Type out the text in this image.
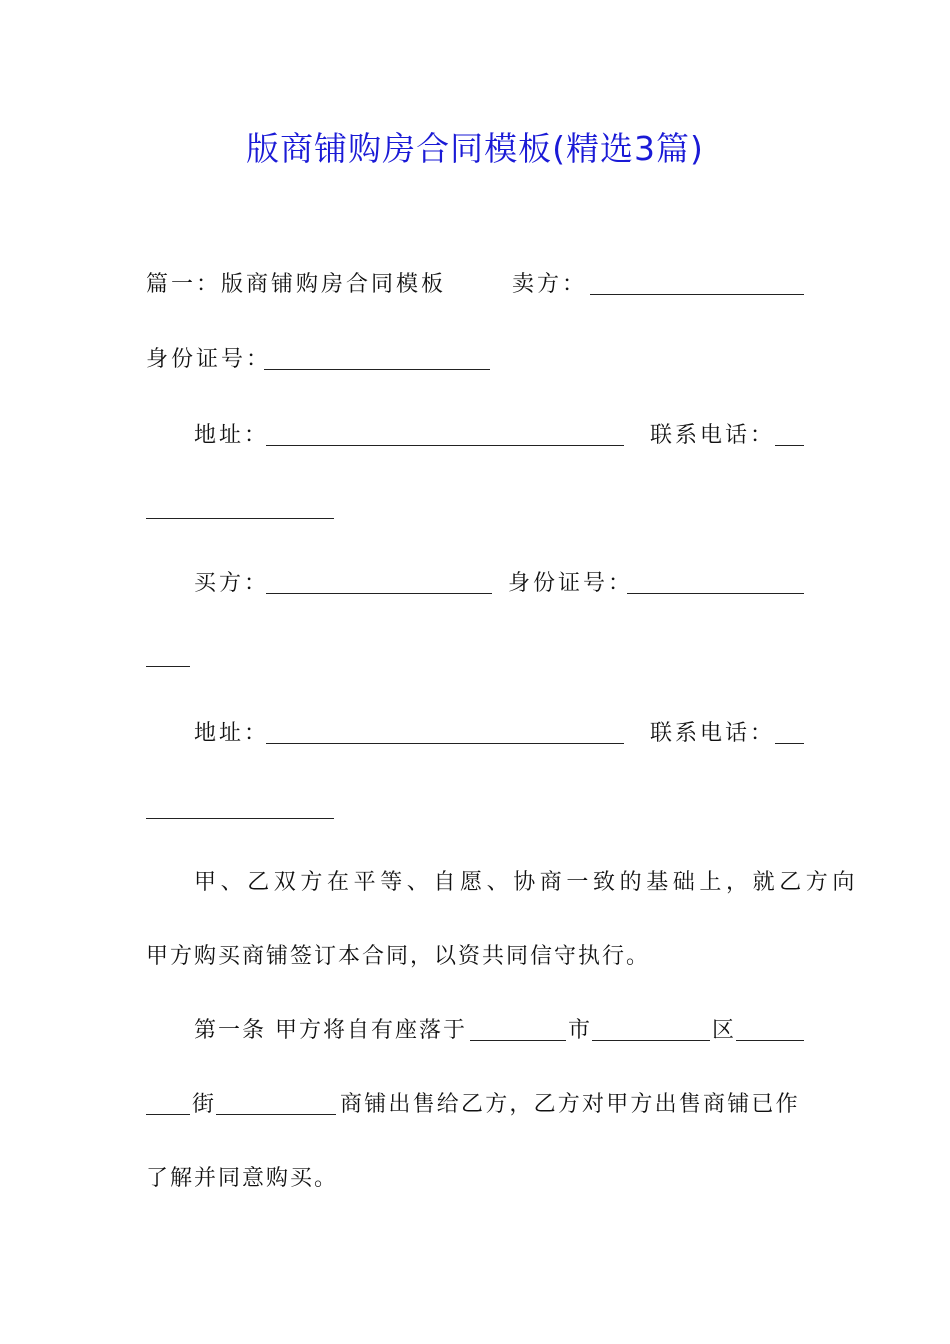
版商铺购房合同模板(精选3篇)
篇一：版商铺购房合同模板	卖方：
身份证号：
地址：	联系电话：
买方：	身份证号：
地址：	联系电话：
甲、乙双方在平等、自愿、协商一致的基础上，就乙方向
甲方购买商铺签订本合同，以资共同信守执行。
第一条 甲方将自有座落于	市	区
街	商铺出售给乙方，乙方对甲方出售商铺已作
了解并同意购买。
